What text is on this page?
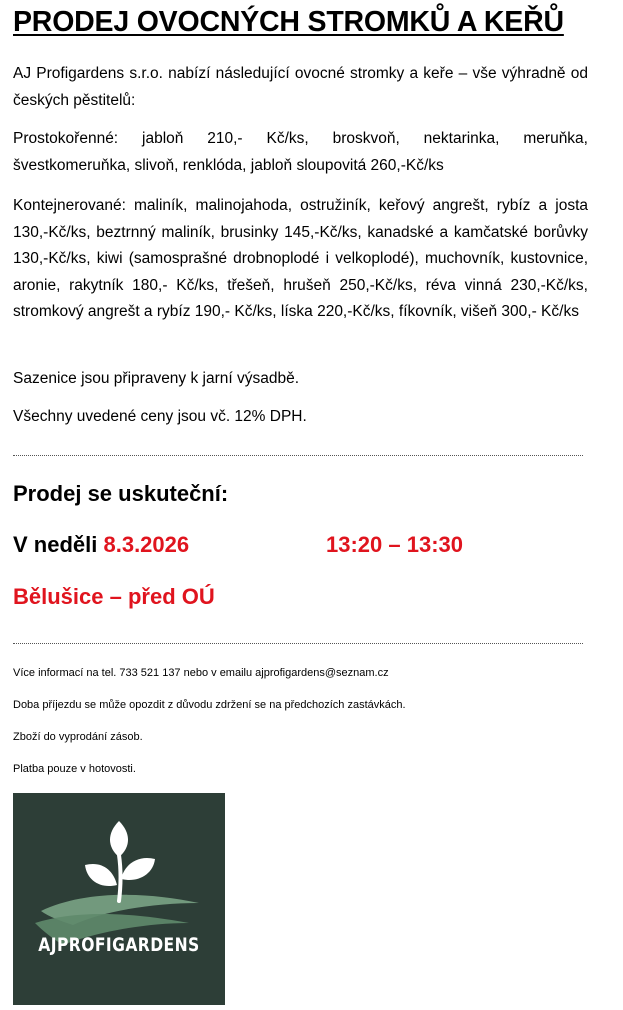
PRODEJ OVOCNÝCH STROMKŮ A KEŘŮ

AJ Profigardens s.r.o. nabízí následující ovocné stromky a keře – vše výhradně od českých pěstitelů:

Prostokořenné: jabloň 210,- Kč/ks, broskvoň, nektarinka, meruňka, švestkomeruňka, slivoň, renklóda, jabloň sloupovitá 260,-Kč/ks

Kontejnerované: maliník, malinojahoda, ostružiník, keřový angrešt, rybíz a josta 130,-Kč/ks, beztrnný maliník, brusinky 145,-Kč/ks, kanadské a kamčatské borůvky 130,-Kč/ks, kiwi (samosprašné drobnoplodé i velkoplodé), muchovník, kustovnice, aronie, rakytník 180,- Kč/ks, třešeň, hrušeň 250,-Kč/ks, réva vinná 230,-Kč/ks, stromkový angrešt a rybíz 190,- Kč/ks, líska 220,-Kč/ks, fíkovník, višeň 300,- Kč/ks

Sazenice jsou připraveny k jarní výsadbě.

Všechny uvedené ceny jsou vč. 12% DPH.

Prodej se uskuteční:

V neděli 8.3.2026	13:20 – 13:30

Bělušice – před OÚ

Více informací na tel. 733 521 137 nebo v emailu ajprofigardens@seznam.cz

Doba příjezdu se může opozdit z důvodu zdržení se na předchozích zastávkách.

Zboží do vyprodání zásob.

Platba pouze v hotovosti.

AJPROFIGARDENS
